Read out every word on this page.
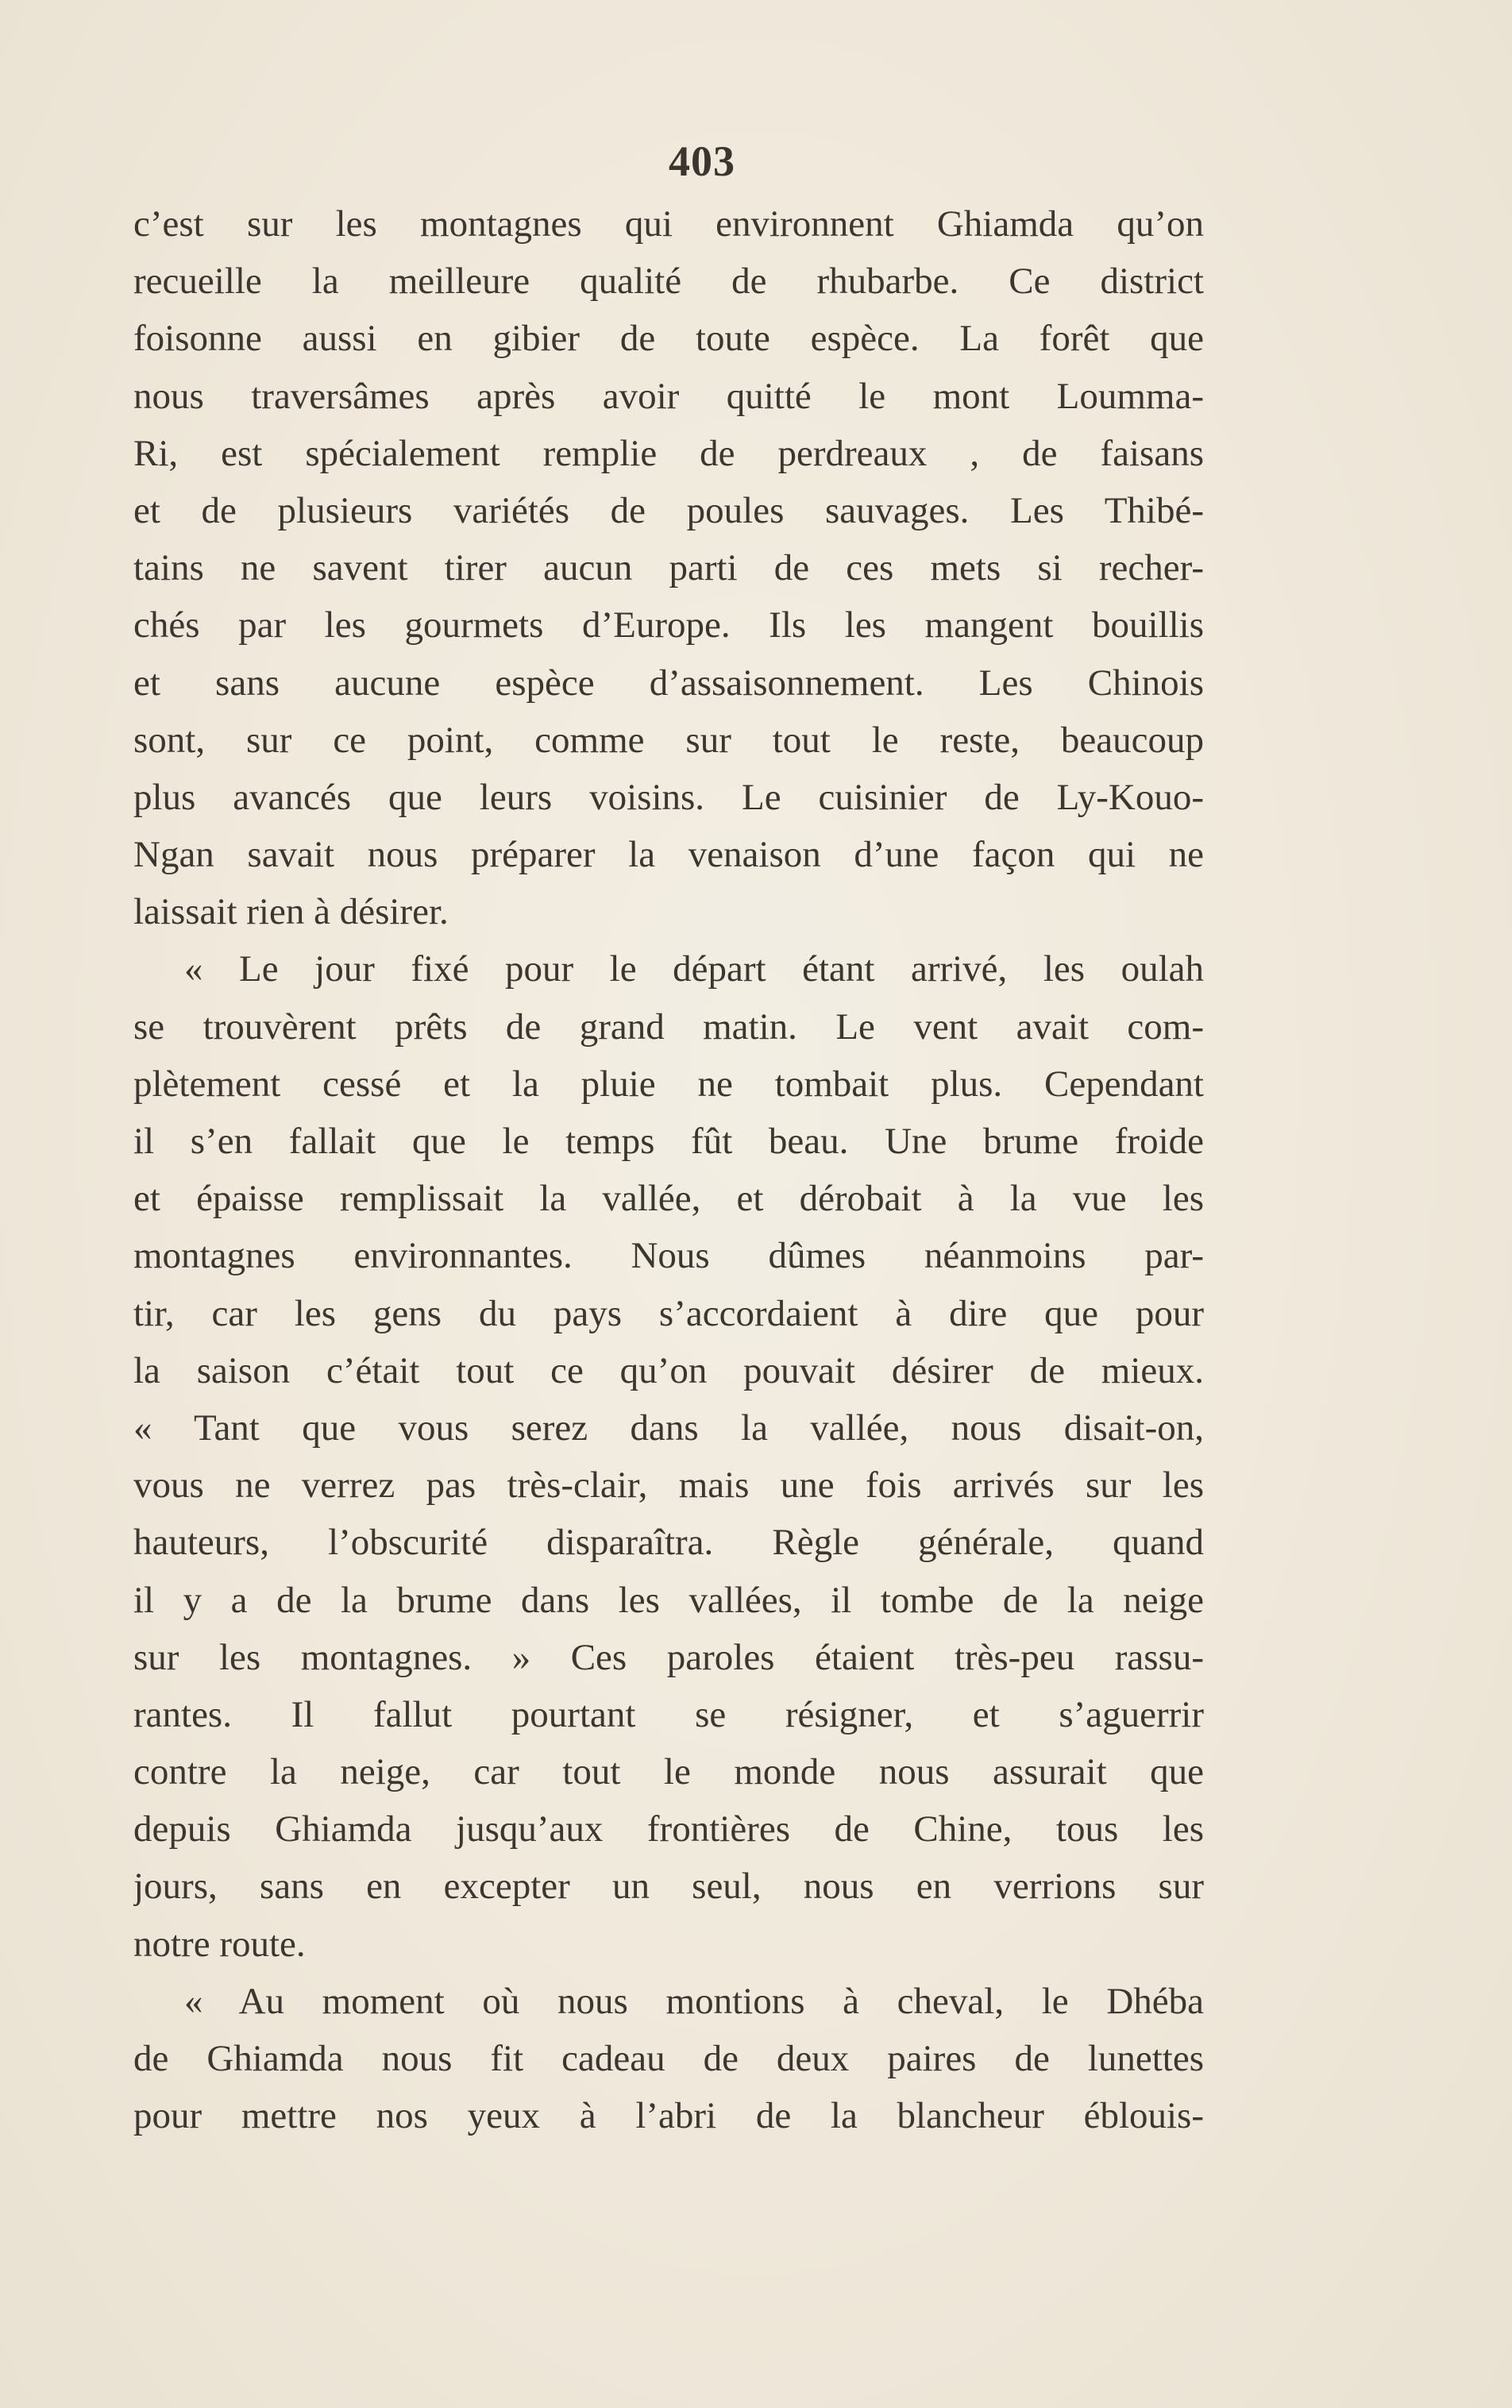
403
c’est sur les montagnes qui environnent Ghiamda qu’on
recueille la meilleure qualité de rhubarbe. Ce district
foisonne aussi en gibier de toute espèce. La forêt que
nous traversâmes après avoir quitté le mont Loumma-
Ri, est spécialement remplie de perdreaux , de faisans
et de plusieurs variétés de poules sauvages. Les Thibé-
tains ne savent tirer aucun parti de ces mets si recher-
chés par les gourmets d’Europe. Ils les mangent bouillis
et sans aucune espèce d’assaisonnement. Les Chinois
sont, sur ce point, comme sur tout le reste, beaucoup
plus avancés que leurs voisins. Le cuisinier de Ly-Kouo-
Ngan savait nous préparer la venaison d’une façon qui ne
laissait rien à désirer.
« Le jour fixé pour le départ étant arrivé, les oulah
se trouvèrent prêts de grand matin. Le vent avait com-
plètement cessé et la pluie ne tombait plus. Cependant
il s’en fallait que le temps fût beau. Une brume froide
et épaisse remplissait la vallée, et dérobait à la vue les
montagnes environnantes. Nous dûmes néanmoins par-
tir, car les gens du pays s’accordaient à dire que pour
la saison c’était tout ce qu’on pouvait désirer de mieux.
« Tant que vous serez dans la vallée, nous disait-on,
vous ne verrez pas très-clair, mais une fois arrivés sur les
hauteurs, l’obscurité disparaîtra. Règle générale, quand
il y a de la brume dans les vallées, il tombe de la neige
sur les montagnes. » Ces paroles étaient très-peu rassu-
rantes. Il fallut pourtant se résigner, et s’aguerrir
contre la neige, car tout le monde nous assurait que
depuis Ghiamda jusqu’aux frontières de Chine, tous les
jours, sans en excepter un seul, nous en verrions sur
notre route.
« Au moment où nous montions à cheval, le Dhéba
de Ghiamda nous fit cadeau de deux paires de lunettes
pour mettre nos yeux à l’abri de la blancheur éblouis-
